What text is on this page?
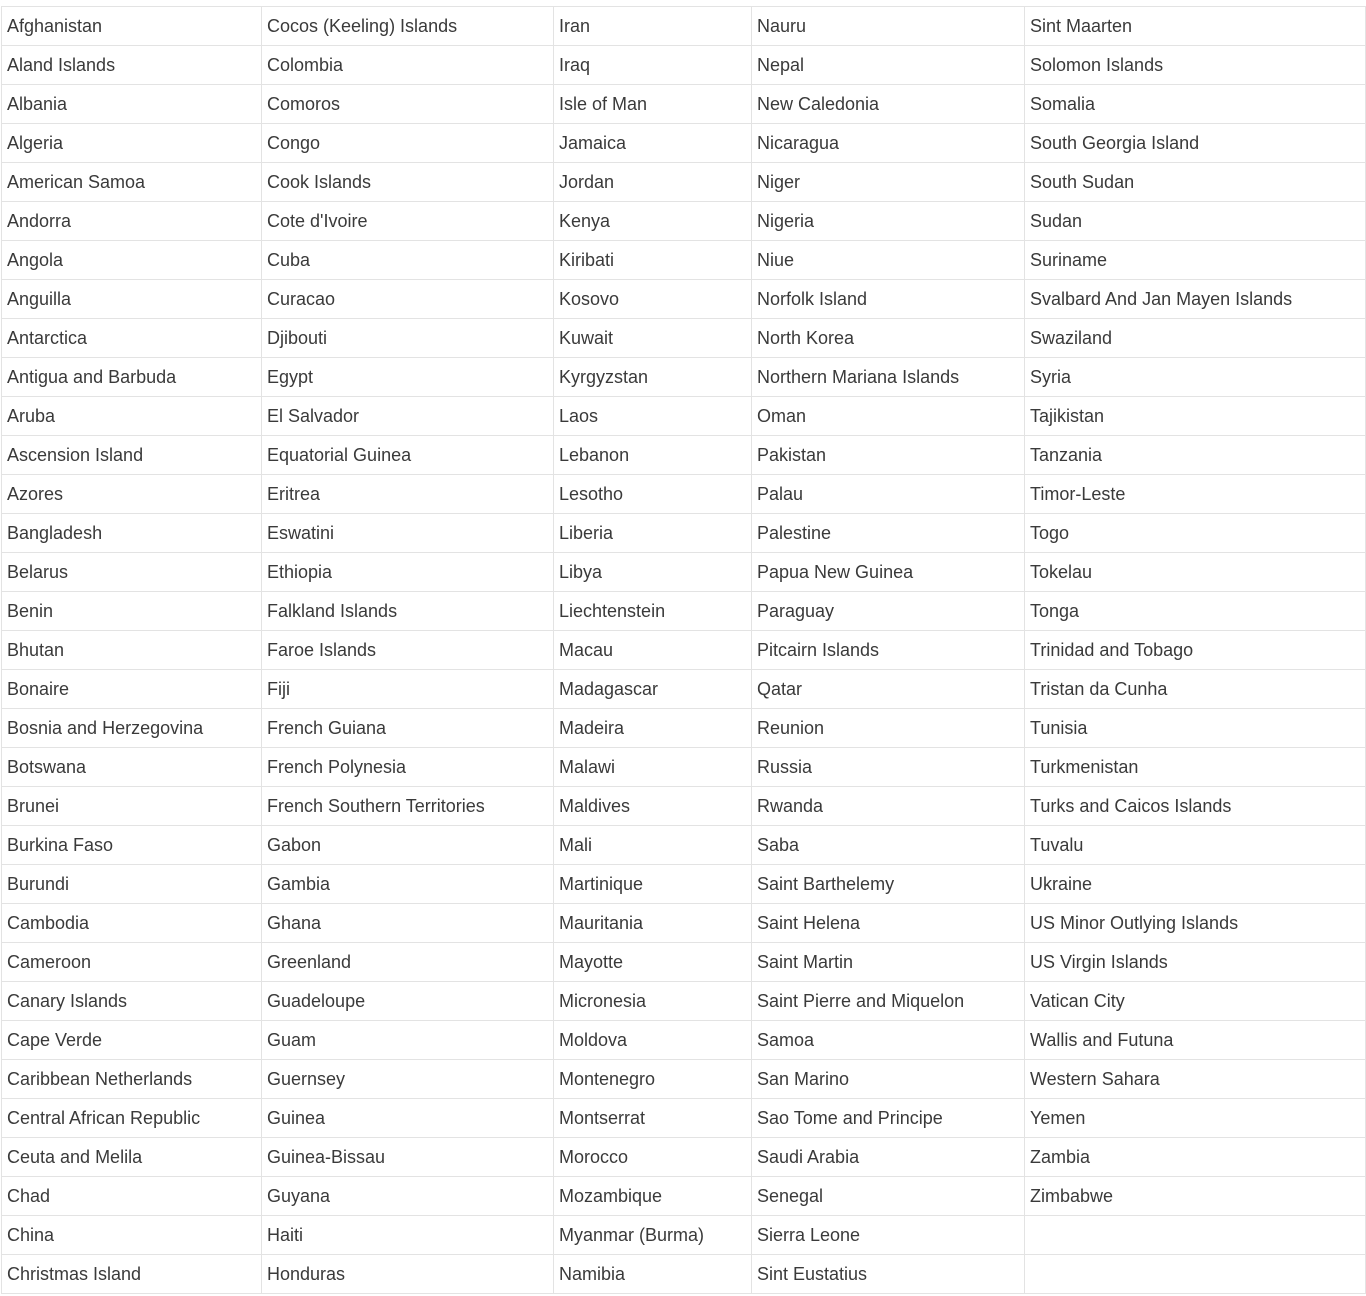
Afghanistan	Cocos (Keeling) Islands	Iran	Nauru	Sint Maarten
Aland Islands	Colombia	Iraq	Nepal	Solomon Islands
Albania	Comoros	Isle of Man	New Caledonia	Somalia
Algeria	Congo	Jamaica	Nicaragua	South Georgia Island
American Samoa	Cook Islands	Jordan	Niger	South Sudan
Andorra	Cote d'Ivoire	Kenya	Nigeria	Sudan
Angola	Cuba	Kiribati	Niue	Suriname
Anguilla	Curacao	Kosovo	Norfolk Island	Svalbard And Jan Mayen Islands
Antarctica	Djibouti	Kuwait	North Korea	Swaziland
Antigua and Barbuda	Egypt	Kyrgyzstan	Northern Mariana Islands	Syria
Aruba	El Salvador	Laos	Oman	Tajikistan
Ascension Island	Equatorial Guinea	Lebanon	Pakistan	Tanzania
Azores	Eritrea	Lesotho	Palau	Timor-Leste
Bangladesh	Eswatini	Liberia	Palestine	Togo
Belarus	Ethiopia	Libya	Papua New Guinea	Tokelau
Benin	Falkland Islands	Liechtenstein	Paraguay	Tonga
Bhutan	Faroe Islands	Macau	Pitcairn Islands	Trinidad and Tobago
Bonaire	Fiji	Madagascar	Qatar	Tristan da Cunha
Bosnia and Herzegovina	French Guiana	Madeira	Reunion	Tunisia
Botswana	French Polynesia	Malawi	Russia	Turkmenistan
Brunei	French Southern Territories	Maldives	Rwanda	Turks and Caicos Islands
Burkina Faso	Gabon	Mali	Saba	Tuvalu
Burundi	Gambia	Martinique	Saint Barthelemy	Ukraine
Cambodia	Ghana	Mauritania	Saint Helena	US Minor Outlying Islands
Cameroon	Greenland	Mayotte	Saint Martin	US Virgin Islands
Canary Islands	Guadeloupe	Micronesia	Saint Pierre and Miquelon	Vatican City
Cape Verde	Guam	Moldova	Samoa	Wallis and Futuna
Caribbean Netherlands	Guernsey	Montenegro	San Marino	Western Sahara
Central African Republic	Guinea	Montserrat	Sao Tome and Principe	Yemen
Ceuta and Melila	Guinea-Bissau	Morocco	Saudi Arabia	Zambia
Chad	Guyana	Mozambique	Senegal	Zimbabwe
China	Haiti	Myanmar (Burma)	Sierra Leone	
Christmas Island	Honduras	Namibia	Sint Eustatius	
